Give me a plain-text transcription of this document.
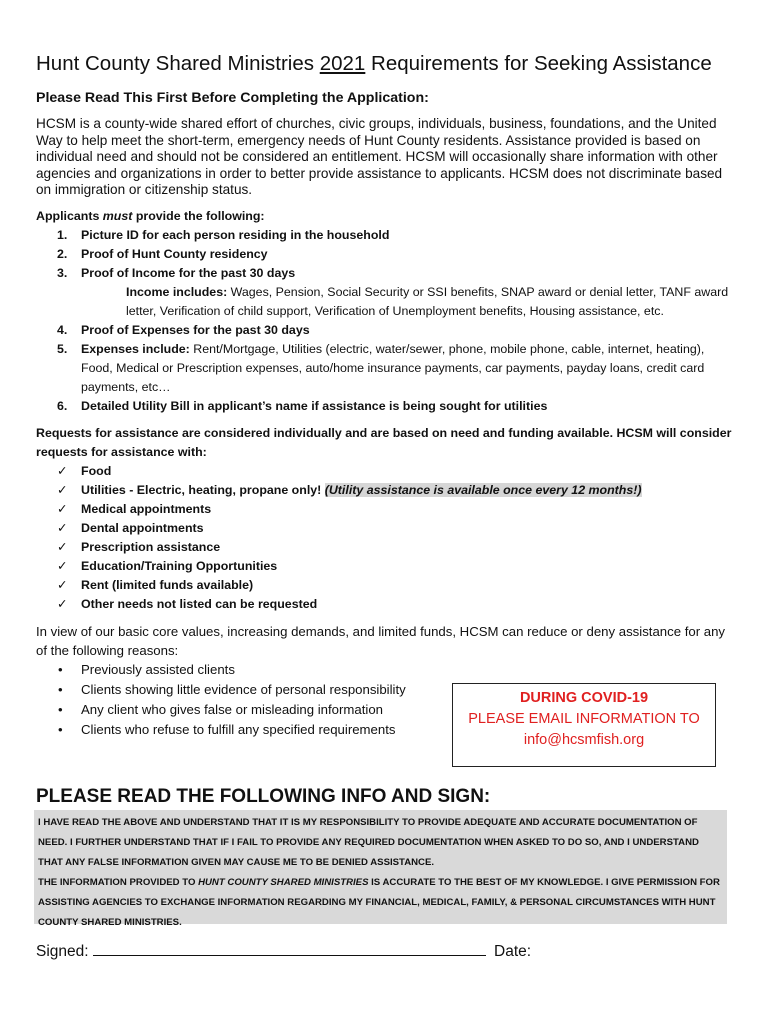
Hunt County Shared Ministries 2021 Requirements for Seeking Assistance
Please Read This First Before Completing the Application:

HCSM is a county-wide shared effort of churches, civic groups, individuals, business, foundations, and the United Way to help meet the short-term, emergency needs of Hunt County residents. Assistance provided is based on individual need and should not be considered an entitlement. HCSM will occasionally share information with other agencies and organizations in order to better provide assistance to applicants. HCSM does not discriminate based on immigration or citizenship status.

Applicants must provide the following:
1. Picture ID for each person residing in the household
2. Proof of Hunt County residency
3. Proof of Income for the past 30 days
Income includes: Wages, Pension, Social Security or SSI benefits, SNAP award or denial letter, TANF award letter, Verification of child support, Verification of Unemployment benefits, Housing assistance, etc.
4. Proof of Expenses for the past 30 days
5. Expenses include: Rent/Mortgage, Utilities (electric, water/sewer, phone, mobile phone, cable, internet, heating), Food, Medical or Prescription expenses, auto/home insurance payments, car payments, payday loans, credit card payments, etc…
6. Detailed Utility Bill in applicant’s name if assistance is being sought for utilities
Requests for assistance are considered individually and are based on need and funding available. HCSM will consider requests for assistance with:
✓ Food
✓ Utilities - Electric, heating, propane only! (Utility assistance is available once every 12 months!)
✓ Medical appointments
✓ Dental appointments
✓ Prescription assistance
✓ Education/Training Opportunities
✓ Rent (limited funds available)
✓ Other needs not listed can be requested
In view of our basic core values, increasing demands, and limited funds, HCSM can reduce or deny assistance for any of the following reasons:
• Previously assisted clients
• Clients showing little evidence of personal responsibility
• Any client who gives false or misleading information
• Clients who refuse to fulfill any specified requirements
DURING COVID-19
PLEASE EMAIL INFORMATION TO
info@hcsmfish.org
PLEASE READ THE FOLLOWING INFO AND SIGN:
I HAVE READ THE ABOVE AND UNDERSTAND THAT IT IS MY RESPONSIBILITY TO PROVIDE ADEQUATE AND ACCURATE DOCUMENTATION OF NEED. I FURTHER UNDERSTAND THAT IF I FAIL TO PROVIDE ANY REQUIRED DOCUMENTATION WHEN ASKED TO DO SO, AND I UNDERSTAND THAT ANY FALSE INFORMATION GIVEN MAY CAUSE ME TO BE DENIED ASSISTANCE.
THE INFORMATION PROVIDED TO HUNT COUNTY SHARED MINISTRIES IS ACCURATE TO THE BEST OF MY KNOWLEDGE. I GIVE PERMISSION FOR ASSISTING AGENCIES TO EXCHANGE INFORMATION REGARDING MY FINANCIAL, MEDICAL, FAMILY, & PERSONAL CIRCUMSTANCES WITH HUNT COUNTY SHARED MINISTRIES.
Signed:	Date:
